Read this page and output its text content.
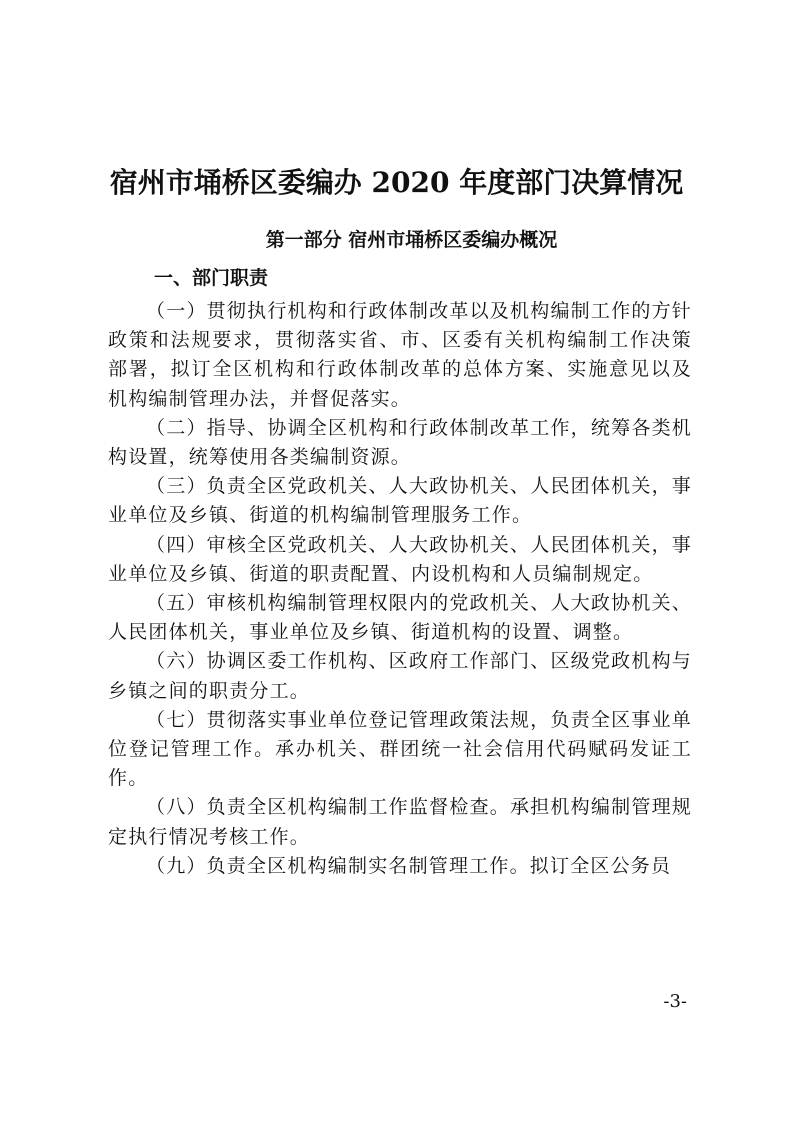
宿州市埇桥区委编办 2020 年度部门决算情况
第一部分 宿州市埇桥区委编办概况
一、部门职责

（一）贯彻执行机构和行政体制改革以及机构编制工作的方针政策和法规要求，贯彻落实省、市、区委有关机构编制工作决策部署，拟订全区机构和行政体制改革的总体方案、实施意见以及机构编制管理办法，并督促落实。

（二）指导、协调全区机构和行政体制改革工作，统筹各类机构设置，统筹使用各类编制资源。

（三）负责全区党政机关、人大政协机关、人民团体机关，事业单位及乡镇、街道的机构编制管理服务工作。

（四）审核全区党政机关、人大政协机关、人民团体机关，事业单位及乡镇、街道的职责配置、内设机构和人员编制规定。

（五）审核机构编制管理权限内的党政机关、人大政协机关、人民团体机关，事业单位及乡镇、街道机构的设置、调整。

（六）协调区委工作机构、区政府工作部门、区级党政机构与乡镇之间的职责分工。

（七）贯彻落实事业单位登记管理政策法规，负责全区事业单位登记管理工作。承办机关、群团统一社会信用代码赋码发证工作。

（八）负责全区机构编制工作监督检查。承担机构编制管理规定执行情况考核工作。

（九）负责全区机构编制实名制管理工作。拟订全区公务员

-3-
